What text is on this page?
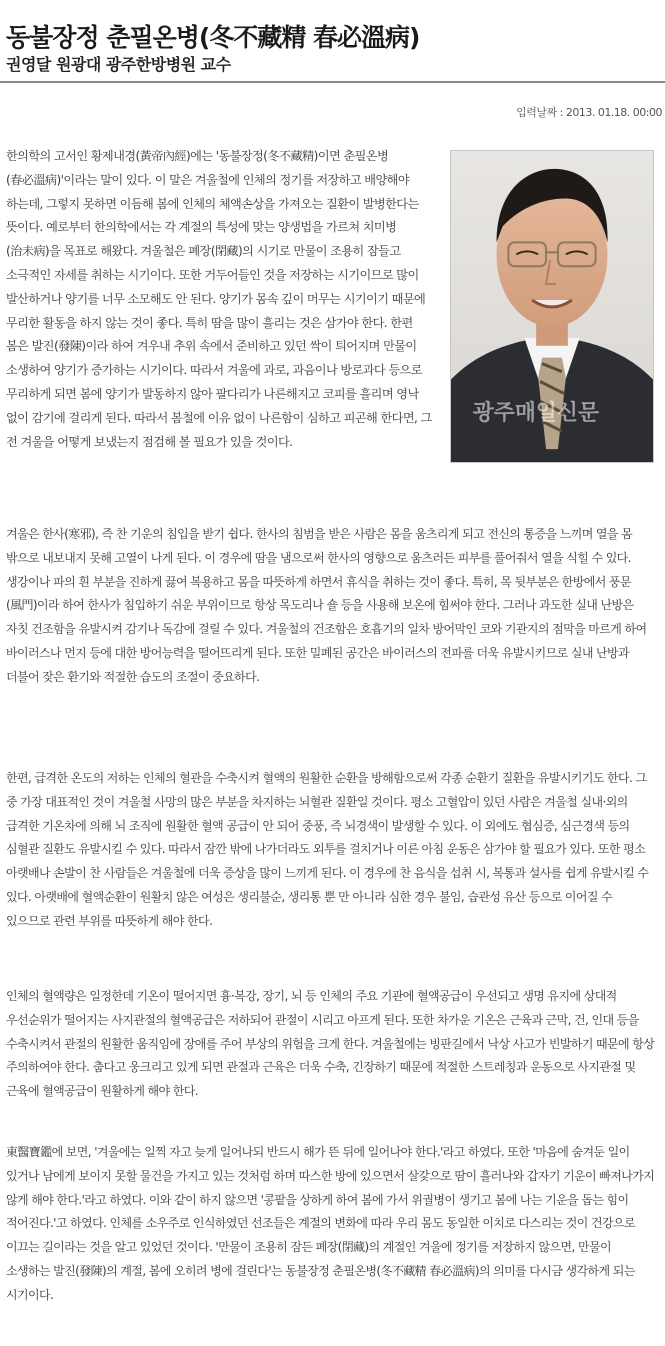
동불장정 춘필온병(冬不藏精 春必溫病)
권영달 원광대 광주한방병원 교수
입력날짜 : 2013. 01.18. 00:00
광주매일신문

한의학의 고서인 황제내경(黃帝內經)에는 '동불장정(冬不藏精)이면 춘필온병(春必溫病)'이라는 말이 있다. 이 말은 겨울철에 인체의 정기를 저장하고 배양해야 하는데, 그렇지 못하면 이듬해 봄에 인체의 체액손상을 가져오는 질환이 발병한다는 뜻이다. 예로부터 한의학에서는 각 계절의 특성에 맞는 양생법을 가르쳐 치미병(治未病)을 목표로 해왔다. 겨울철은 폐장(閉藏)의 시기로 만물이 조용히 잠들고 소극적인 자세를 취하는 시기이다. 또한 거두어들인 것을 저장하는 시기이므로 많이 발산하거나 양기를 너무 소모해도 안 된다. 양기가 몸속 깊이 머무는 시기이기 때문에 무리한 활동을 하지 않는 것이 좋다. 특히 땀을 많이 흘리는 것은 삼가야 한다. 한편 봄은 발진(發陳)이라 하여 겨우내 추위 속에서 준비하고 있던 싹이 틔어지며 만물이 소생하여 양기가 증가하는 시기이다. 따라서 겨울에 과로, 과음이나 방로과다 등으로 무리하게 되면 봄에 양기가 발동하지 않아 팔다리가 나른해지고 코피를 흘리며 영낙 없이 감기에 걸리게 된다. 따라서 봄철에 이유 없이 나른함이 심하고 피곤해 한다면, 그 전 겨울을 어떻게 보냈는지 점검해 볼 필요가 있을 것이다.

겨울은 한사(寒邪), 즉 찬 기운의 침입을 받기 쉽다. 한사의 침범을 받은 사람은 몸을 움츠리게 되고 전신의 통증을 느끼며 열을 몸 밖으로 내보내지 못해 고열이 나게 된다. 이 경우에 땀을 냄으로써 한사의 영향으로 움츠러든 피부를 풀어줘서 열을 식힐 수 있다. 생강이나 파의 흰 부분을 진하게 끓여 복용하고 몸을 따뜻하게 하면서 휴식을 취하는 것이 좋다. 특히, 목 뒷부분은 한방에서 풍문(風門)이라 하여 한사가 침입하기 쉬운 부위이므로 항상 목도리나 숄 등을 사용해 보온에 힘써야 한다. 그러나 과도한 실내 난방은 자칫 건조함을 유발시켜 감기나 독감에 걸릴 수 있다. 겨울철의 건조함은 호흡기의 일차 방어막인 코와 기관지의 점막을 마르게 하여 바이러스나 먼지 등에 대한 방어능력을 떨어뜨리게 된다. 또한 밀폐된 공간은 바이러스의 전파를 더욱 유발시키므로 실내 난방과 더불어 잦은 환기와 적절한 습도의 조절이 중요하다.

한편, 급격한 온도의 저하는 인체의 혈관을 수축시켜 혈액의 원활한 순환을 방해함으로써 각종 순환기 질환을 유발시키기도 한다. 그 중 가장 대표적인 것이 겨울철 사망의 많은 부분을 차지하는 뇌혈관 질환일 것이다. 평소 고혈압이 있던 사람은 겨울철 실내·외의 급격한 기온차에 의해 뇌 조직에 원활한 혈액 공급이 안 되어 중풍, 즉 뇌경색이 발생할 수 있다. 이 외에도 협심증, 심근경색 등의 심혈관 질환도 유발시킬 수 있다. 따라서 잠깐 밖에 나가더라도 외투를 걸치거나 이른 아침 운동은 삼가야 할 필요가 있다. 또한 평소 아랫배나 손발이 찬 사람들은 겨울철에 더욱 증상을 많이 느끼게 된다. 이 경우에 찬 음식을 섭취 시, 복통과 설사를 쉽게 유발시킬 수 있다. 아랫배에 혈액순환이 원활치 않은 여성은 생리불순, 생리통 뿐 만 아니라 심한 경우 불임, 습관성 유산 등으로 이어질 수 있으므로 관련 부위를 따뜻하게 해야 한다.

인체의 혈액량은 일정한데 기온이 떨어지면 흉·복강, 장기, 뇌 등 인체의 주요 기관에 혈액공급이 우선되고 생명 유지에 상대적 우선순위가 떨어지는 사지관절의 혈액공급은 저하되어 관절이 시리고 아프게 된다. 또한 차가운 기온은 근육과 근막, 건, 인대 등을 수축시켜서 관절의 원활한 움직임에 장애를 주어 부상의 위험을 크게 한다. 겨울철에는 빙판길에서 낙상 사고가 빈발하기 때문에 항상 주의하여야 한다. 춥다고 웅크리고 있게 되면 관절과 근육은 더욱 수축, 긴장하기 때문에 적절한 스트레칭과 운동으로 사지관절 및 근육에 혈액공급이 원활하게 해야 한다.

東醫寶鑑에 보면, '겨울에는 일찍 자고 늦게 일어나되 반드시 해가 뜬 뒤에 일어나야 한다.'라고 하였다. 또한 '마음에 숨겨둔 일이 있거나 남에게 보이지 못할 물건을 가지고 있는 것처럼 하며 따스한 방에 있으면서 살갗으로 땀이 흘러나와 갑자기 기운이 빠져나가지 않게 해야 한다.'라고 하였다. 이와 같이 하지 않으면 '콩팥을 상하게 하여 봄에 가서 위궐병이 생기고 봄에 나는 기운을 돕는 힘이 적어진다.'고 하였다. 인체를 소우주로 인식하였던 선조들은 계절의 변화에 따라 우리 몸도 동일한 이치로 다스리는 것이 건강으로 이끄는 길이라는 것을 알고 있었던 것이다. '만물이 조용히 잠든 폐장(閉藏)의 계절인 겨울에 정기를 저장하지 않으면, 만물이 소생하는 발진(發陳)의 계절, 봄에 오히려 병에 걸린다'는 동불장정 춘필온병(冬不藏精 春必溫病)의 의미를 다시금 생각하게 되는 시기이다.
